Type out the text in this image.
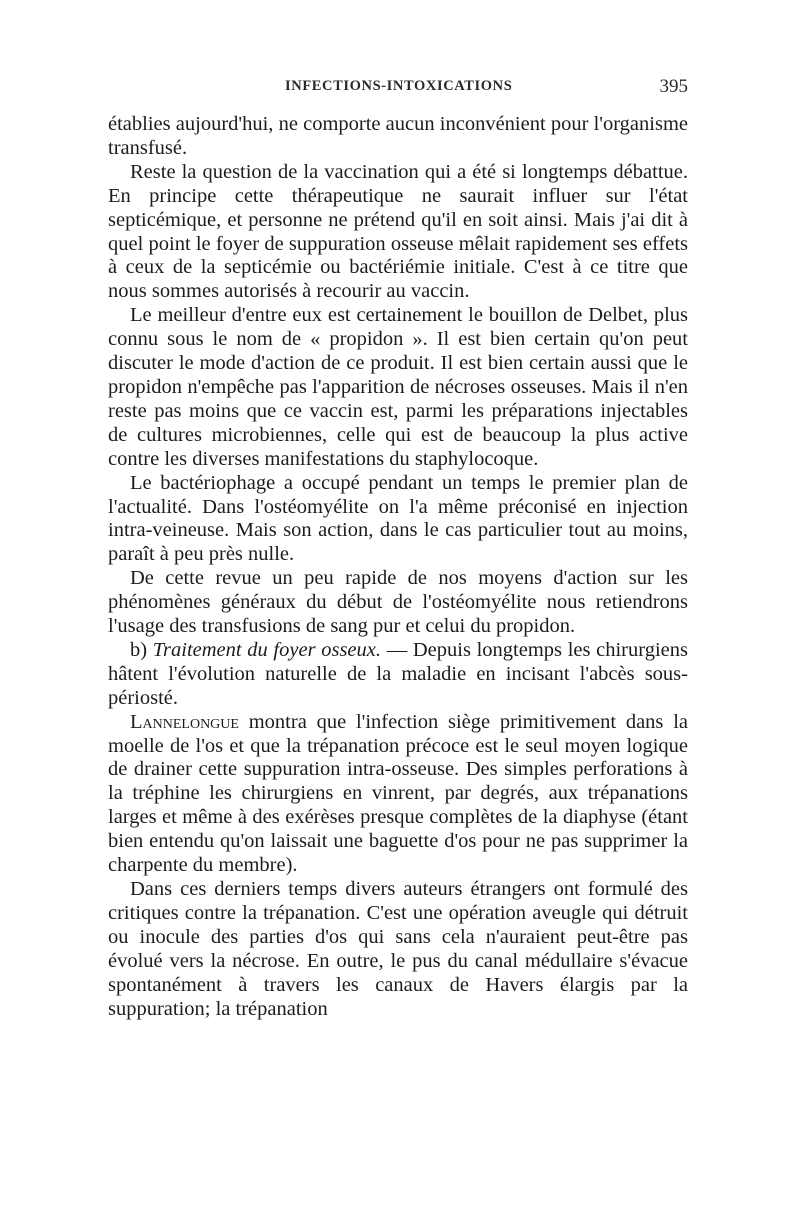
INFECTIONS-INTOXICATIONS	395

établies aujourd'hui, ne comporte aucun inconvénient pour l'organisme transfusé.

Reste la question de la vaccination qui a été si longtemps débattue. En principe cette thérapeutique ne saurait influer sur l'état septicémique, et personne ne prétend qu'il en soit ainsi. Mais j'ai dit à quel point le foyer de suppuration osseuse mêlait rapidement ses effets à ceux de la septicémie ou bactériémie initiale. C'est à ce titre que nous sommes autorisés à recourir au vaccin.

Le meilleur d'entre eux est certainement le bouillon de Delbet, plus connu sous le nom de « propidon ». Il est bien certain qu'on peut discuter le mode d'action de ce produit. Il est bien certain aussi que le propidon n'empêche pas l'apparition de nécroses osseuses. Mais il n'en reste pas moins que ce vaccin est, parmi les préparations injectables de cultures microbiennes, celle qui est de beaucoup la plus active contre les diverses manifestations du staphylocoque.

Le bactériophage a occupé pendant un temps le premier plan de l'actualité. Dans l'ostéomyélite on l'a même préconisé en injection intra-veineuse. Mais son action, dans le cas particulier tout au moins, paraît à peu près nulle.

De cette revue un peu rapide de nos moyens d'action sur les phénomènes généraux du début de l'ostéomyélite nous retiendrons l'usage des transfusions de sang pur et celui du propidon.

b) Traitement du foyer osseux. — Depuis longtemps les chirurgiens hâtent l'évolution naturelle de la maladie en incisant l'abcès sous-périosté.

Lannelongue montra que l'infection siège primitivement dans la moelle de l'os et que la trépanation précoce est le seul moyen logique de drainer cette suppuration intra-osseuse. Des simples perforations à la tréphine les chirurgiens en vinrent, par degrés, aux trépanations larges et même à des exérèses presque complètes de la diaphyse (étant bien entendu qu'on laissait une baguette d'os pour ne pas supprimer la charpente du membre).

Dans ces derniers temps divers auteurs étrangers ont formulé des critiques contre la trépanation. C'est une opération aveugle qui détruit ou inocule des parties d'os qui sans cela n'auraient peut-être pas évolué vers la nécrose. En outre, le pus du canal médullaire s'évacue spontanément à travers les canaux de Havers élargis par la suppuration; la trépanation
